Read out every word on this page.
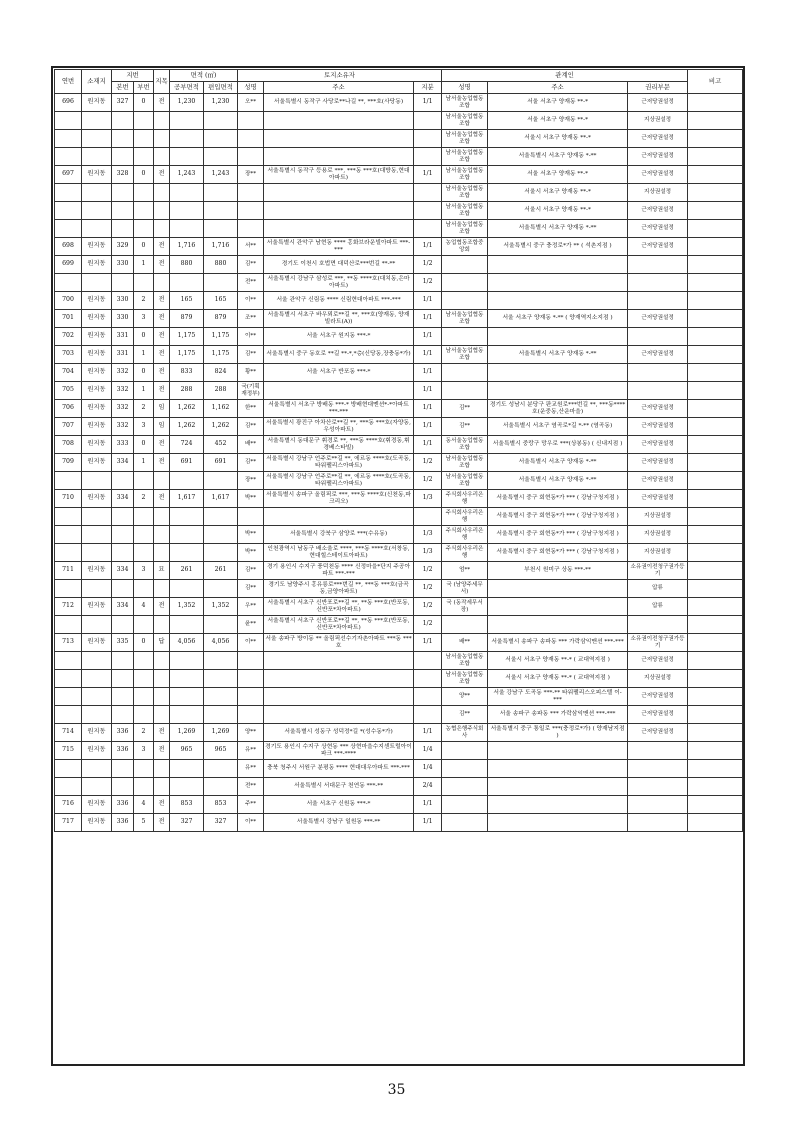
연번	소재지	지번		지목	면적 (㎡)		토지소유자			관계인			비고
		본번	부번		공부면적	편입면적	성명	주소	지분	성명	주소	권리부문	
696	원지동	327	0	전	1,230	1,230	오**	서울특별시 동작구 사당로**나길 **, ***호(사당동)	1/1	남서울농업협동조합	서울 서초구 양재동 **-*	근저당권설정	
										남서울농업협동조합	서울 서초구 양재동 **-*	지상권설정	
										남서울농업협동조합	서울시 서초구 양재동 **-*	근저당권설정	
										남서울농업협동조합	서울특별시 서초구 양재동 *-**	근저당권설정	
697	원지동	328	0	전	1,243	1,243	장**	서울특별시 동작구 등용로 ***, ***동 ***호(대방동,현대아파트)	1/1	남서울농업협동조합	서울 서초구 양재동 **-*	근저당권설정	
										남서울농업협동조합	서울시 서초구 양재동 **-*	지상권설정	
										남서울농업협동조합	서울시 서초구 양재동 **-*	근저당권설정	
										남서울농업협동조합	서울특별시 서초구 양재동 *-**	근저당권설정	
698	원지동	329	0	전	1,716	1,716	서**	서울특별시 관악구 남현동 **** 홍화브라운빌아파트 ***-***	1/1	농업협동조합중앙회	서울특별시 중구 충정로*가 ** ( 석촌지점 )	근저당권설정	
699	원지동	330	1	전	880	880	김**	경기도 이천시 호법면 대덕산로***번길 **-**	1/2				
							전**	서울특별시 강남구 삼성로 ***, **동 ****호(대치동,은마아파트)	1/2				
700	원지동	330	2	전	165	165	이**	서울 관악구 신림동 **** 신림현대아파트 ***-***	1/1				
701	원지동	330	3	전	879	879	조**	서울특별시 서초구 바우뫼로**길 **, ***호(양재동, 양재빌라트(A))	1/1	남서울농업협동조합	서울 서초구 양재동 *-** ( 양재역지소지점 )	근저당권설정	
702	원지동	331	0	전	1,175	1,175	이**	서울 서초구 원지동 ***-*	1/1				
703	원지동	331	1	전	1,175	1,175	김**	서울특별시 중구 동호로 **길 **-*,*층(신당동,장충동*가)	1/1	남서울농업협동조합	서울특별시 서초구 양재동 *-**	근저당권설정	
704	원지동	332	0	전	833	824	황**	서울 서초구 반포동 ***-*	1/1				
705	원지동	332	1	전	288	288	국(기획재정부)		1/1				
706	원지동	332	2	임	1,262	1,162	한**	서울특별시 서초구 방배동 ***-* 방배현대멘션*-*아파트 ***-***	1/1	김**	경기도 성남시 분당구 판교원로***번길 **, ***동****호(운중동,산운마을)	근저당권설정	
707	원지동	332	3	임	1,262	1,262	김**	서울특별시 광진구 아차산로**길 **, ***동 ***호(자양동, 우성아파트)	1/1	김**	서울특별시 서초구 염곡로*길 *-** (염곡동)	근저당권설정	
708	원지동	333	0	전	724	452	배**	서울특별시 동대문구 휘경로 **, ***동 ****호(휘경동,휘경베스타빌)	1/1	동서울농업협동조합	서울특별시 중랑구 망우로 ***(상봉동) ( 신내지점 )	근저당권설정	
709	원지동	334	1	전	691	691	김**	서울특별시 강남구 언주로**길 **, 에르동 ****호(도곡동,타워팰리스아파트)	1/2	남서울농업협동조합	서울특별시 서초구 양재동 *-**	근저당권설정	
							장**	서울특별시 강남구 언주로**길 **, 에르동 ****호(도곡동,타워팰리스아파트)	1/2	남서울농업협동조합	서울특별시 서초구 양재동 *-**	근저당권설정	
710	원지동	334	2	전	1,617	1,617	박**	서울특별시 송파구 올림픽로 ***, ***동 ****호(신천동,파크리오)	1/3	주식회사우리은행	서울특별시 중구 회현동*가 *** ( 강남구청지점 )	근저당권설정	
										주식회사우리은행	서울특별시 중구 회현동*가 *** ( 강남구청지점 )	지상권설정	
							박**	서울특별시 강북구 삼양로 ***(수유동)	1/3	주식회사우리은행	서울특별시 중구 회현동*가 *** ( 강남구청지점 )	지상권설정	
							박**	인천광역시 남동구 배소울로 ****, ***동 ****호(서창동,현대힐스테이트아파트)	1/3	주식회사우리은행	서울특별시 중구 회현동*가 *** ( 강남구청지점 )	지상권설정	
711	원지동	334	3	묘	261	261	김**	경기 용인시 수지구 풍덕천동 **** 신정마을*단지 주공아파트 ***-***	1/2	엄**	부천시 원미구 상동 ***-**	소유권이전청구권가등기	
							김**	경기도 남양주시 홍유릉로***번길 **, ***동 ***호(금곡동,금양아파트)	1/2	국 (남양주세무서)		압류	
712	원지동	334	4	전	1,352	1,352	우**	서울특별시 서초구 신반포로**길 **, **동 ***호(반포동,신반포*차아파트)	1/2	국 (동작세무서장)		압류	
							윤**	서울특별시 서초구 신반포로**길 **, **동 ***호(반포동,신반포*차아파트)	1/2				
713	원지동	335	0	답	4,056	4,056	이**	서울 송파구 방이동 ** 올림픽선수기자촌아파트 ***동 ***호	1/1	배**	서울특별시 송파구 송파동 *** 가락삼익맨션 ***-***	소유권이전청구권가등기	
										남서울농업협동조합	서울시 서초구 양재동 **-* ( 교대역지점 )	근저당권설정	
										남서울농업협동조합	서울시 서초구 양재동 **-* ( 교대역지점 )	지상권설정	
										양**	서울 강남구 도곡동 ***-** 타워팰리스오피스텔 이-***	근저당권설정	
										김**	서울 송파구 송파동 *** 가락삼익맨션 ***-***	근저당권설정	
714	원지동	336	2	전	1,269	1,269	양**	서울특별시 성동구 성덕정*길 *(성수동*가)	1/1	농협은행주식회사	서울특별시 중구 통일로 ***(충정로*가) ( 양재남지점 )	근저당권설정	
715	원지동	336	3	전	965	965	유**	경기도 용인시 수지구 상현동 *** 상현마을수지센트럴아이파크 ***-****	1/4				
							유**	충북 청주시 서원구 분평동 **** 현대대우아파트 ***-***	1/4				
							전**	서울특별시 서대문구 천연동 ***-**	2/4				
716	원지동	336	4	전	853	853	주**	서울 서초구 신원동 ***-*	1/1				
717	원지동	336	5	전	327	327	이**	서울특별시 강남구 일원동 ***-**	1/1				
35
